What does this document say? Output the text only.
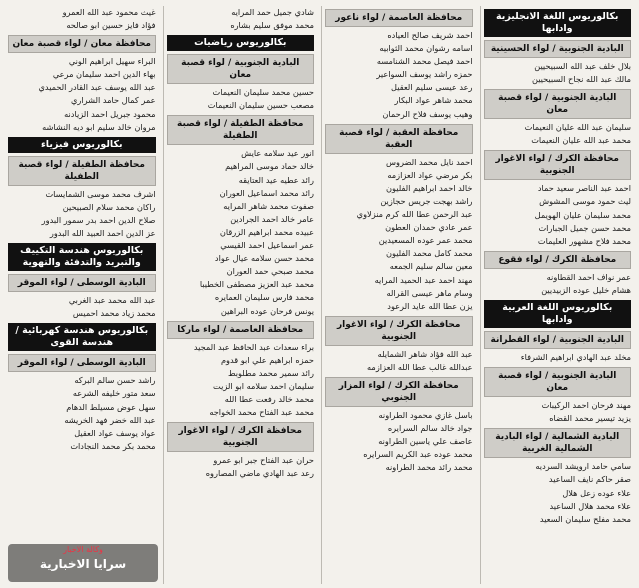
بكالوريوس اللغة الانجليزية وادابها
البادية الجنوبية / لواء الحسينية
بلال خلف عبد الله السبيحيين
مالك عبد الله نجاح السبيحيين
البادية الجنوبية / لواء قصبة معان
سليمان عبد الله عليان النعيمات
محمد عبد الله عليان النعيمات
محافظة الكرك / لواء الاغوار الجنوبية
احمد عبد الناصر سعيد حماد
ليث حمود موسى المشوش
محمد سليمان عليان الهويمل
محمد حسن جميل الجبارات
محمد فلاح مشهور العليمات
محافظة الكرك / لواء فقوع
عمر نواف احمد القطاونه
هشام خليل عوده الزبيديين
بكالوريوس اللغة العربية وادابها
البادية الجنوبية / لواء القطرانة
مخلد عبد الهادي ابراهيم الشرفاء
البادية الجنوبية / لواء قصبة معان
مهند فرحان احمد الركيبات
يزيد تيسير محمد القضاه
البادية الشمالية / لواء البادية الشمالية الغربية
سامي حامد ارويشد السرديه
صقر حاكم نايف الساعيد
علاء عوده زعل هلال
علاء محمد هلال الساعيد
محمد مفلح سليمان السعيد
محافظة العاصمة / لواء ناعور
احمد شريف صالح العياده
اسامه رشوان محمد الثوابيه
احمد فيصل محمد الشنامسه
حمزه راشد يوسف السواعير
رعد عيسى سليم العقيل
محمد شاهر عواد البكار
وهيب يوسف فلاح الرحمان
محافظة العقبة / لواء قصبة العقبة
احمد نايل محمد الضروس
بكر مرضي عواد العزازمه
خالد احمد ابراهيم الفليون
راشد بهجت جريس حجازين
عبد الرحمن عطا الله كرم منزلاوي
عمر عادي حمدان العطون
محمد عمر عوده المسعيدين
محمد كامل محمد الفليون
معين سالم سليم الجمعه
مهند احمد عبد الحميد المرايه
وسام ماهر عيسى القراله
يزن عطا الله عايد الرعود
محافظة الكرك / لواء الاغوار الجنوبية
عبد الله فؤاد شاهر الشمايله
عبدالله غالب عطا الله العزازمه
محافظة الكرك / لواء المزار الجنوبي
باسل غازي محمود الطراونه
جواد خالد سالم السرايره
عاصف علي ياسين الطراونه
محمد عوده عبد الكريم السرايره
محمد رائد محمد الطراونه
شادي جميل حمد المرايه
محمد موفق سليم بشاره
بكالوريوس رياضيات
البادية الجنوبية / لواء قصبة معان
حسين محمد سليمان النعيمات
مصعب حسين سليمان النعيمات
محافظة الطفيلة / لواء قصبة الطفيلة
انور عيد سلامه عايش
خالد حماد موسى المراهيم
رائد عطيه عيد العتايقه
رائد محمد اسماعيل العوران
صفوت محمد شاهر المرايه
عامر خالد احمد الجرادين
عبيده محمد ابراهيم الزرقان
عمر اسماعيل احمد القيسي
محمد حسن سلامه عيال عواد
محمد صبحي حمد العوران
محمد عبد العزيز مصطفى الخطيبا
محمد فارس سليمان العمايره
يونس فرحان عوده البراهين
محافظة العاصمة / لواء ماركا
براء سعدات عبد الحافظ عبد المجيد
حمزه ابراهيم علي ابو قدوم
رائد سمير محمد مطلوبط
سليمان احمد سلامه ابو الزيت
محمد خالد رفعت عطا الله
محمد عبد الفتاح محمد الخواجه
محافظة الكرك / لواء الاغوار الجنوبية
حران عبد الفتاح جبر ابو عمرو
رعد عبد الهادي ماضي المصاروه
غيث محمود عبد الله العمرو
فؤاد فايز حسين ابو صالحه
محافظة معان / لواء قصبة معان
البراء سهيل ابراهيم الوني
بهاء الدين احمد سليمان مرعي
عبد الله يوسف عبد القادر الحميدي
عمر كمال حامد الشراري
محمود جبريل احمد الزيادنه
مروان خالد سليم ابو ديه النشاشه
بكالوريوس فيزياء
محافظة الطفيلة / لواء قصبة الطفيلة
اشرف محمد موسى الشمايسات
راكان محمد سلام الصبيحين
صلاح الدين احمد بدر سمور البدور
عز الدين احمد العبيد الله البدور
بكالوريوس هندسة التكييف والتبريد والتدفئة والتهوية
البادية الوسطى / لواء الموقر
عبد الله محمد عبد الغربي
محمد زياد محمد احميس
بكالوريوس هندسة كهربائية / هندسة القوى
البادية الوسطى / لواء الموقر
راشد حسن سالم البركه
سعد متور خليفه الشرعه
سهل عوض مسيلط الدهام
عبد الله خضر فهد الخريشه
عواد يوسف عواد العقيل
محمد بكر محمد النجادات
وكالة الاخبار
سرايا الاخبارية
